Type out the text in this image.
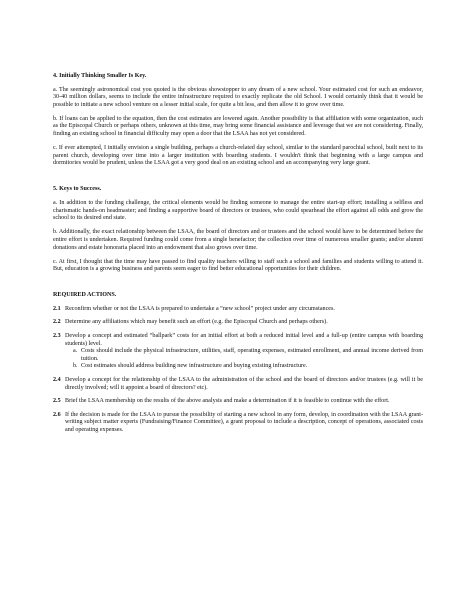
4. Initially Thinking Smaller Is Key.
a. The seemingly astronomical cost you quoted is the obvious showstopper to any dream of a new school. Your estimated cost for such an endeavor, 30-40 million dollars, seems to include the entire infrastructure required to exactly replicate the old School. I would certainly think that it would be possible to initiate a new school venture on a lesser initial scale, for quite a bit less, and then allow it to grow over time.
b. If loans can be applied to the equation, then the cost estimates are lowered again. Another possibility is that affiliation with some organization, such as the Episcopal Church or perhaps others, unknown at this time, may bring some financial assistance and leverage that we are not considering. Finally, finding an existing school in financial difficulty may open a door that the LSAA has not yet considered.
c. If ever attempted, I initially envision a single building, perhaps a church-related day school, similar to the standard parochial school, built next to its parent church, developing over time into a larger institution with boarding students. I wouldn't think that beginning with a large campus and dormitories would be prudent, unless the LSAA got a very good deal on an existing school and an accompanying very large grant.
5. Keys to Success.
a. In addition to the funding challenge, the critical elements would be finding someone to manage the entire start-up effort; installing a selfless and charismatic hands-on headmaster; and finding a supportive board of directors or trustees, who could spearhead the effort against all odds and grow the school to its desired end state.
b. Additionally, the exact relationship between the LSAA, the board of directors and or trustees and the school would have to be determined before the entire effort is undertaken. Required funding could come from a single benefactor; the collection over time of numerous smaller grants; and/or alumni donations and estate honoraria placed into an endowment that also grows over time.
c. At first, I thought that the time may have passed to find quality teachers willing to staff such a school and families and students willing to attend it. But, education is a growing business and parents seem eager to find better educational opportunities for their children.
REQUIRED ACTIONS.
2.1 Reconfirm whether or not the LSAA is prepared to undertake a “new school” project under any circumstances.
2.2 Determine any affiliations which may benefit such an effort (e.g. the Episcopal Church and perhaps others).
2.3 Develop a concept and estimated “ballpark” costs for an initial effort at both a reduced initial level and a full-up (entire campus with boarding students) level.
a. Costs should include the physical infrastructure, utilities, staff, operating expenses, estimated enrollment, and annual income derived from tuition.
b. Cost estimates should address building new infrastructure and buying existing infrastructure.
2.4 Develop a concept for the relationship of the LSAA to the administration of the school and the board of directors and/or trustees (e.g. will it be directly involved; will it appoint a board of directors? etc).
2.5 Brief the LSAA membership on the results of the above analysis and make a determination if it is feasible to continue with the effort.
2.6 If the decision is made for the LSAA to pursue the possibility of starting a new school in any form, develop, in coordination with the LSAA grant-writing subject matter experts (Fundraising/Finance Committee), a grant proposal to include a description, concept of operations, associated costs and operating expenses.
